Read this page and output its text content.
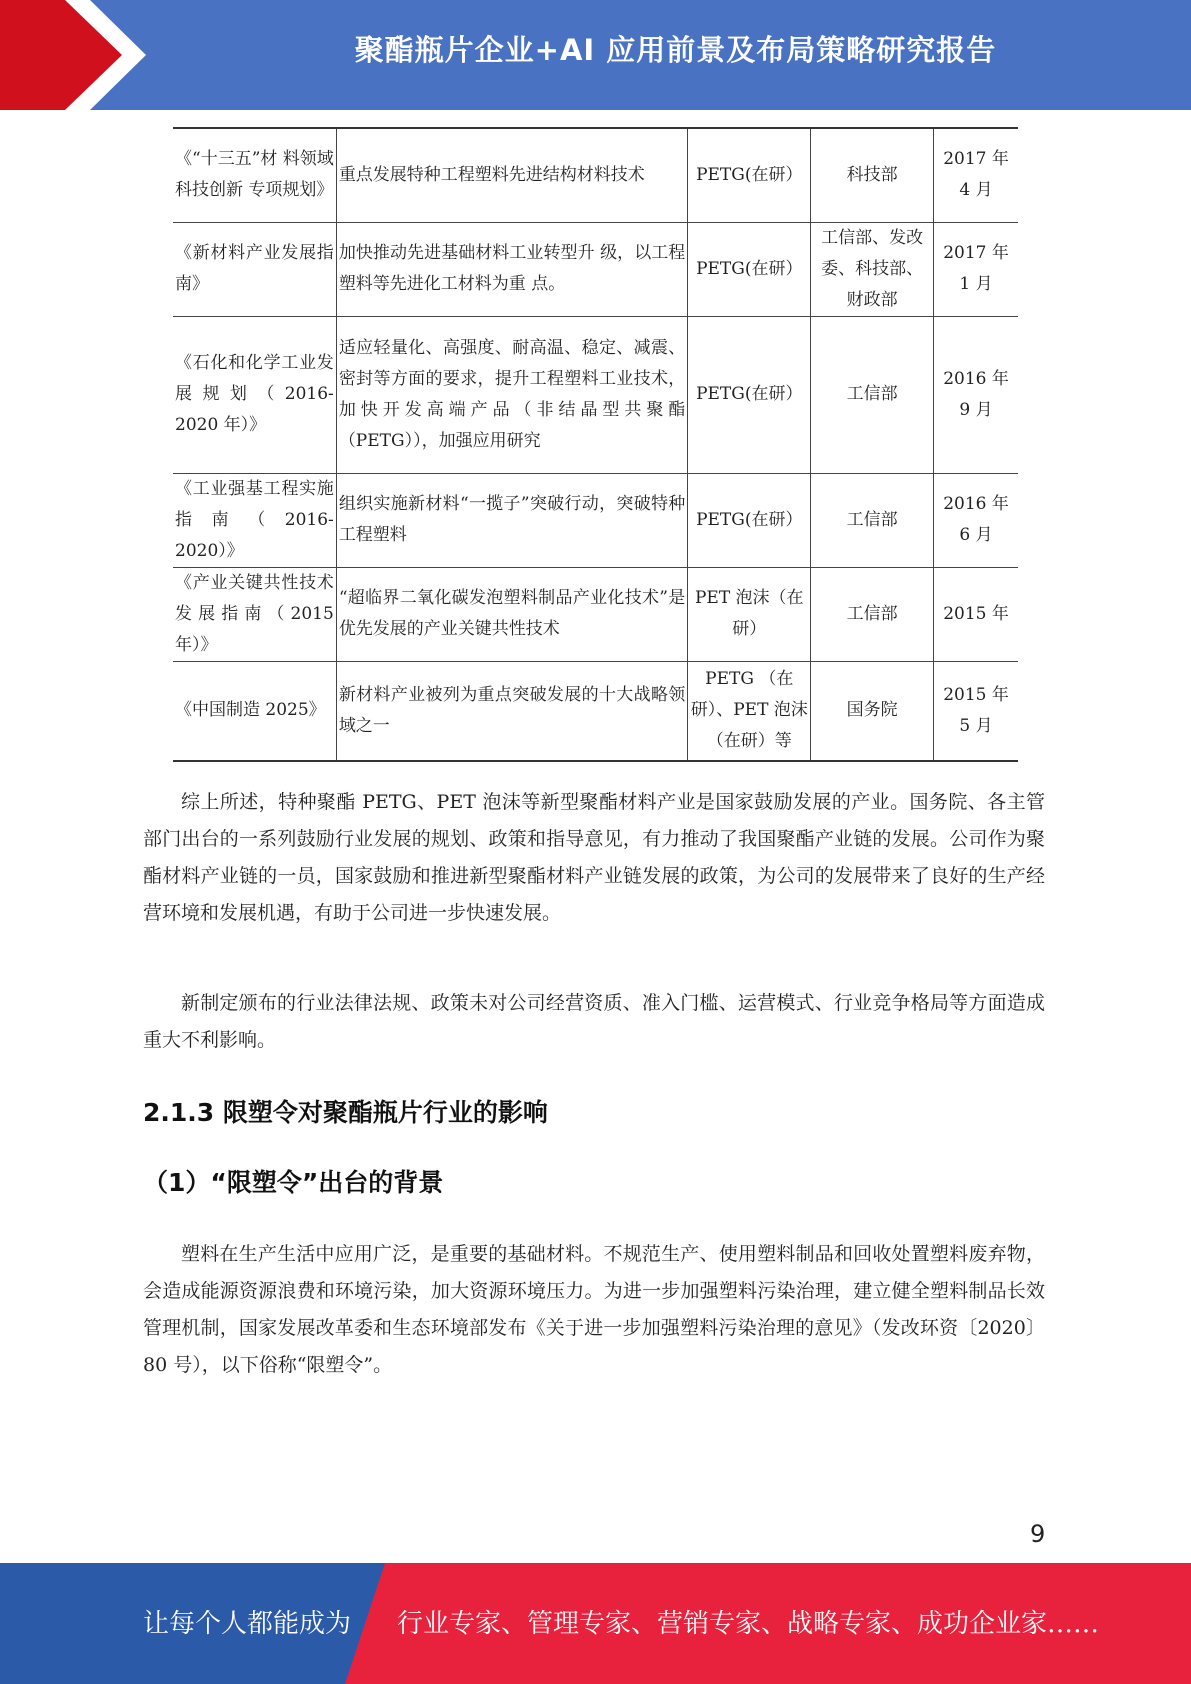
聚酯瓶片企业+AI 应用前景及布局策略研究报告
《“十三五”材 料领域科技创新 专项规划》	重点发展特种工程塑料先进结构材料技术	PETG(在研）	科技部	2017 年 4 月
《新材料产业发展指南》	加快推动先进基础材料工业转型升 级，以工程塑料等先进化工材料为重 点。	PETG(在研）	工信部、发改委、科技部、财政部	2017 年 1 月
《石化和化学工业发展规划（2016-2020 年）》	适应轻量化、高强度、耐高温、稳定、减震、密封等方面的要求，提升工程塑料工业技术，加快开发高端产品（非结晶型共聚酯（PETG）），加强应用研究	PETG(在研）	工信部	2016 年 9 月
《工业强基工程实施指南（2016-2020）》	组织实施新材料“一揽子”突破行动，突破特种工程塑料	PETG(在研）	工信部	2016 年 6 月
《产业关键共性技术发展指南（2015 年）》	“超临界二氧化碳发泡塑料制品产业化技术”是优先发展的产业关键共性技术	PET 泡沫（在研）	工信部	2015 年
《中国制造 2025》	新材料产业被列为重点突破发展的十大战略领域之一	PETG （在研）、PET 泡沫（在研）等	国务院	2015 年 5 月

综上所述，特种聚酯 PETG、PET 泡沫等新型聚酯材料产业是国家鼓励发展的产业。国务院、各主管部门出台的一系列鼓励行业发展的规划、政策和指导意见，有力推动了我国聚酯产业链的发展。公司作为聚酯材料产业链的一员，国家鼓励和推进新型聚酯材料产业链发展的政策，为公司的发展带来了良好的生产经营环境和发展机遇，有助于公司进一步快速发展。

新制定颁布的行业法律法规、政策未对公司经营资质、准入门槛、运营模式、行业竞争格局等方面造成重大不利影响。

2.1.3 限塑令对聚酯瓶片行业的影响
（1）“限塑令”出台的背景

塑料在生产生活中应用广泛，是重要的基础材料。不规范生产、使用塑料制品和回收处置塑料废弃物，会造成能源资源浪费和环境污染，加大资源环境压力。为进一步加强塑料污染治理，建立健全塑料制品长效管理机制，国家发展改革委和生态环境部发布《关于进一步加强塑料污染治理的意见》（发改环资〔2020〕80 号），以下俗称“限塑令”。

9
让每个人都能成为 行业专家、管理专家、营销专家、战略专家、成功企业家……
